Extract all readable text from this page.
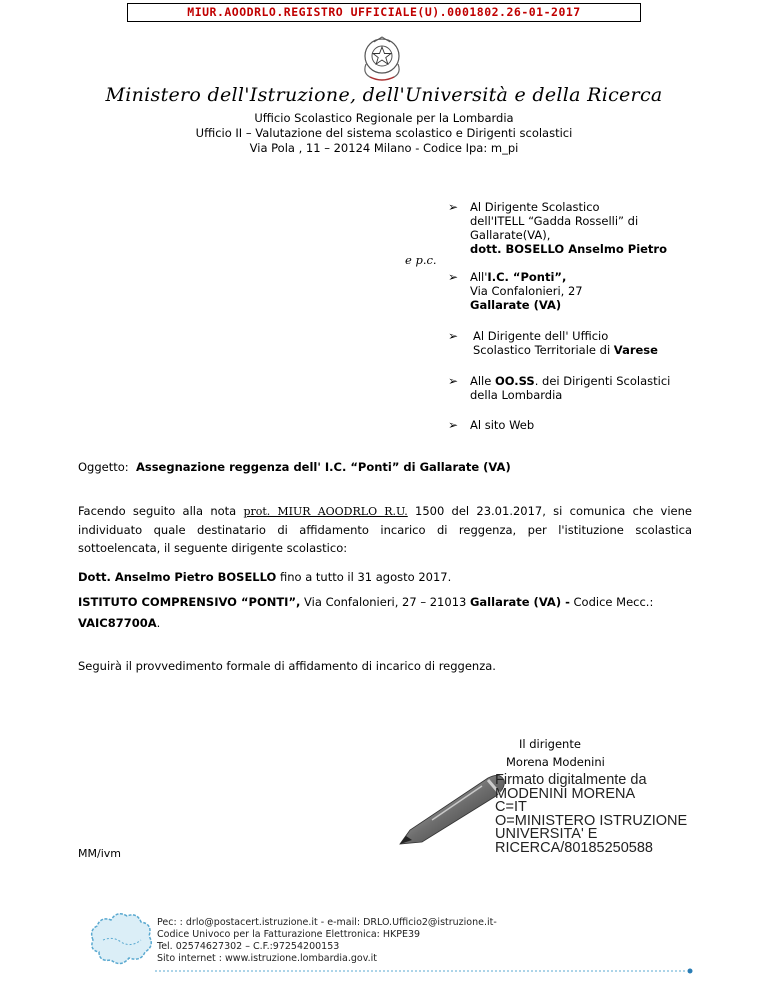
MIUR.AOODRLO.REGISTRO UFFICIALE(U).0001802.26-01-2017
Ministero dell'Istruzione, dell'Università e della Ricerca
Ufficio Scolastico Regionale per la Lombardia
Ufficio II – Valutazione del sistema scolastico e Dirigenti scolastici
Via Pola , 11 – 20124 Milano - Codice Ipa: m_pi
➢ Al Dirigente Scolastico
dell'ITELL “Gadda Rosselli” di
Gallarate(VA),
dott. BOSELLO Anselmo Pietro
e p.c.
➢ All'I.C. “Ponti”,
Via Confalonieri, 27
Gallarate (VA)
➢ Al Dirigente dell' Ufficio
Scolastico Territoriale di Varese
➢ Alle OO.SS. dei Dirigenti Scolastici
della Lombardia
➢ Al sito Web
Oggetto: Assegnazione reggenza dell' I.C. “Ponti” di Gallarate (VA)
Facendo seguito alla nota prot. MIUR AOODRLO R.U. 1500 del 23.01.2017, si comunica che viene individuato quale destinatario di affidamento incarico di reggenza, per l'istituzione scolastica sottoelencata, il seguente dirigente scolastico:
Dott. Anselmo Pietro BOSELLO fino a tutto il 31 agosto 2017.
ISTITUTO COMPRENSIVO “PONTI”, Via Confalonieri, 27 – 21013 Gallarate (VA) - Codice Mecc.:
VAIC87700A.
Seguirà il provvedimento formale di affidamento di incarico di reggenza.
Il dirigente
Morena Modenini
Firmato digitalmente da
MODENINI MORENA
C=IT
O=MINISTERO ISTRUZIONE
UNIVERSITA' E
RICERCA/80185250588
MM/ivm
Pec: : drlo@postacert.istruzione.it - e-mail: DRLO.Ufficio2@istruzione.it-
Codice Univoco per la Fatturazione Elettronica: HKPE39
Tel. 02574627302 – C.F.:97254200153
Sito internet : www.istruzione.lombardia.gov.it
